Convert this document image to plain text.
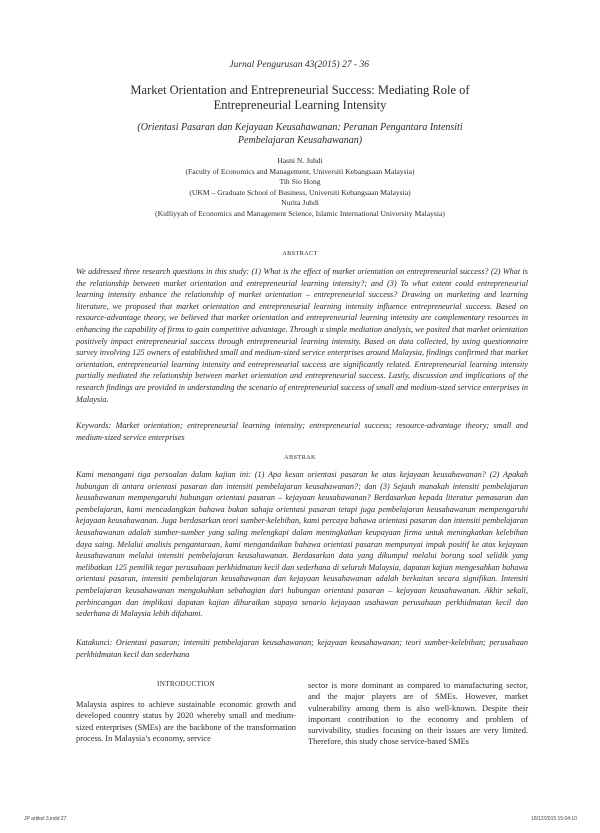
Jurnal Pengurusan 43(2015) 27 - 36
Market Orientation and Entrepreneurial Success: Mediating Role of Entrepreneurial Learning Intensity
(Orientasi Pasaran dan Kejayaan Keusahawanan: Peranan Pengantara Intensiti Pembelajaran Keusahawanan)
Hasni N. Juhdi
(Faculty of Economics and Management, Universiti Kebangsaan Malaysia)
Tih Sio Hong
(UKM – Graduate School of Business, Universiti Kebangsaan Malaysia)
Nurita Juhdi
(Kulliyyah of Economics and Management Science, Islamic International University Malaysia)
ABSTRACT
We addressed three research questions in this study: (1) What is the effect of market orientation on entrepreneurial success? (2) What is the relationship between market orientation and entrepreneurial learning intensity?; and (3) To what extent could entrepreneurial learning intensity enhance the relationship of market orientation – entrepreneurial success? Drawing on marketing and learning literature, we proposed that market orientation and entrepreneurial learning intensity influence entrepreneurial success. Based on resource-advantage theory, we believed that market orientation and entrepreneurial learning intensity are complementary resources in enhancing the capability of firms to gain competitive advantage. Through a simple mediation analysis, we posited that market orientation positively impact entrepreneurial success through entrepreneurial learning intensity. Based on data collected, by using questionnaire survey involving 125 owners of established small and medium-sized service enterprises around Malaysia, findings confirmed that market orientation, entrepreneurial learning intensity and entrepreneurial success are significantly related. Entrepreneurial learning intensity partially mediated the relationship between market orientation and entrepreneurial success. Lastly, discussion and implications of the research findings are provided in understanding the scenario of entrepreneurial success of small and medium-sized service enterprises in Malaysia.
Keywords: Market orientation; entrepreneurial learning intensity; entrepreneurial success; resource-advantage theory; small and medium-sized service enterprises
ABSTRAK
Kami menangani tiga persoalan dalam kajian ini: (1) Apa kesan orientasi pasaran ke atas kejayaan keusahawanan? (2) Apakah hubungan di antara orientasi pasaran dan intensiti pembelajaran keusahawanan?; dan (3) Sejauh manakah intensiti pembelajaran keusahawanan mempengaruhi hubungan orientasi pasaran – kejayaan keusahawanan? Berdasarkan kepada literatur pemasaran dan pembelajaran, kami mencadangkan bahawa bukan sahaja orientasi pasaran tetapi juga pembelajaran keusahawanan mempengaruhi kejayaan keusahawanan. Juga berdasarkan teori sumber-kelebihan, kami percaya bahawa orientasi pasaran dan intensiti pembelajaran keusahawanan adalah sumber-sumber yang saling melengkapi dalam meningkatkan keupayaan firma untuk meningkatkan kelebihan daya saing. Melalui analisis pengantaraan, kami mengandaikan bahawa orientasi pasaran mempunyai impak positif ke atas kejayaan keusahawanan melalui intensiti pembelajaran keusahawanan. Berdasarkan data yang dikumpul melalui borang soal selidik yang melibatkan 125 pemilik tegar perusahaan perkhidmatan kecil dan sederhana di seluruh Malaysia, dapatan kajian mengesahkan bahawa orientasi pasaran, intensiti pembelajaran keusahawanan dan kejayaan keusahawanan adalah berkaitan secara signifikan. Intensiti pembelajaran keusahawanan mengukuhkan sebahagian dari hubungan orientasi pasaran – kejayaan keusahawanan. Akhir sekali, perbincangan dan implikasi dapatan kajian dihuraikan supaya senario kejayaan usahawan perusahaan perkhidmatan kecil dan sederhana di Malaysia lebih difahami.
Katakunci: Orientasi pasaran; intensiti pembelajaran keusahawanan; kejayaan keusahawanan; teori sumber-kelebihan; perusahaan perkhidmatan kecil dan sederhana
INTRODUCTION
Malaysia aspires to achieve sustainable economic growth and developed country status by 2020 whereby small and medium-sized enterprises (SMEs) are the backbone of the transformation process. In Malaysia’s economy, service
sector is more dominant as compared to manufacturing sector, and the major players are of SMEs. However, market vulnerability among them is also well-known. Despite their important contribution to the economy and problem of survivability, studies focusing on their issues are very limited. Therefore, this study chose service-based SMEs
JP artikel 3.indd 27	18/12/2015 15:04:10
